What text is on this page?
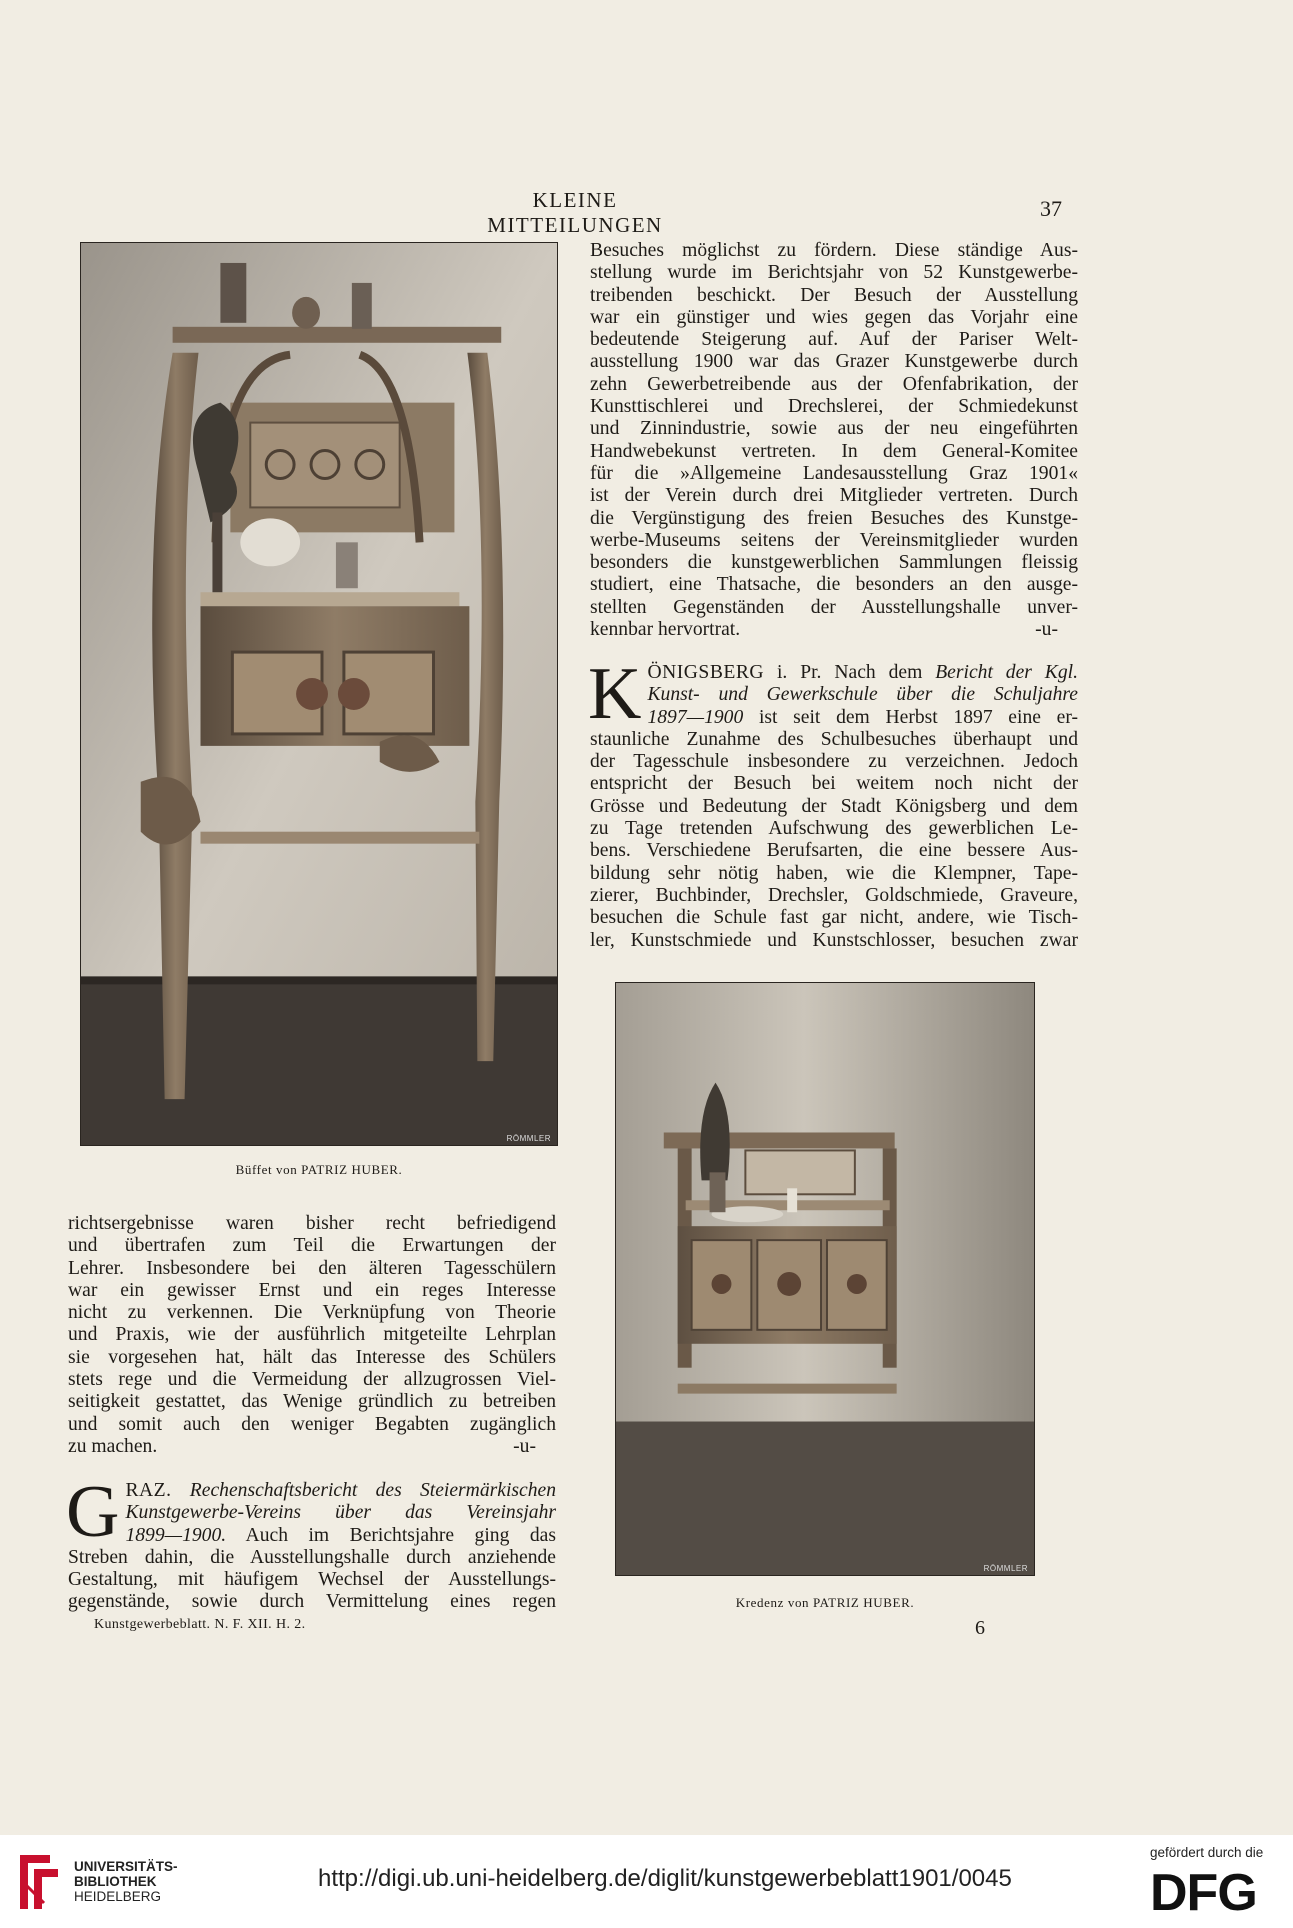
KLEINE MITTEILUNGEN
37
RÖMMLER
Büffet von PATRIZ HUBER.
RÖMMLER
Kredenz von PATRIZ HUBER.
Besuches möglichst zu fördern. Diese ständige Aus-
stellung wurde im Berichtsjahr von 52 Kunstgewerbe-
treibenden beschickt. Der Besuch der Ausstellung
war ein günstiger und wies gegen das Vorjahr eine
bedeutende Steigerung auf. Auf der Pariser Welt-
ausstellung 1900 war das Grazer Kunstgewerbe durch
zehn Gewerbetreibende aus der Ofenfabrikation, der
Kunsttischlerei und Drechslerei, der Schmiedekunst
und Zinnindustrie, sowie aus der neu eingeführten
Handwebekunst vertreten. In dem General-Komitee
für die »Allgemeine Landesausstellung Graz 1901«
ist der Verein durch drei Mitglieder vertreten. Durch
die Vergünstigung des freien Besuches des Kunstge-
werbe-Museums seitens der Vereinsmitglieder wurden
besonders die kunstgewerblichen Sammlungen fleissig
studiert, eine Thatsache, die besonders an den ausge-
stellten Gegenständen der Ausstellungshalle unver-
kennbar hervortrat.	-u-
K ÖNIGSBERG i. Pr. Nach dem Bericht der Kgl.
Kunst- und Gewerkschule über die Schuljahre
1897—1900 ist seit dem Herbst 1897 eine er-
staunliche Zunahme des Schulbesuches überhaupt und
der Tagesschule insbesondere zu verzeichnen. Jedoch
entspricht der Besuch bei weitem noch nicht der
Grösse und Bedeutung der Stadt Königsberg und dem
zu Tage tretenden Aufschwung des gewerblichen Le-
bens. Verschiedene Berufsarten, die eine bessere Aus-
bildung sehr nötig haben, wie die Klempner, Tape-
zierer, Buchbinder, Drechsler, Goldschmiede, Graveure,
besuchen die Schule fast gar nicht, andere, wie Tisch-
ler, Kunstschmiede und Kunstschlosser, besuchen zwar
richtsergebnisse waren bisher recht befriedigend
und übertrafen zum Teil die Erwartungen der
Lehrer. Insbesondere bei den älteren Tagesschülern
war ein gewisser Ernst und ein reges Interesse
nicht zu verkennen. Die Verknüpfung von Theorie
und Praxis, wie der ausführlich mitgeteilte Lehrplan
sie vorgesehen hat, hält das Interesse des Schülers
stets rege und die Vermeidung der allzugrossen Viel-
seitigkeit gestattet, das Wenige gründlich zu betreiben
und somit auch den weniger Begabten zugänglich
zu machen.	-u-
G RAZ. Rechenschaftsbericht des Steiermärkischen
Kunstgewerbe-Vereins über das Vereinsjahr
1899—1900. Auch im Berichtsjahre ging das
Streben dahin, die Ausstellungshalle durch anziehende
Gestaltung, mit häufigem Wechsel der Ausstellungs-
gegenstände, sowie durch Vermittelung eines regen
Kunstgewerbeblatt. N. F. XII. H. 2.	6
UNIVERSITÄTS-
BIBLIOTHEK
HEIDELBERG
http://digi.ub.uni-heidelberg.de/diglit/kunstgewerbeblatt1901/0045
gefördert durch die
DFG
